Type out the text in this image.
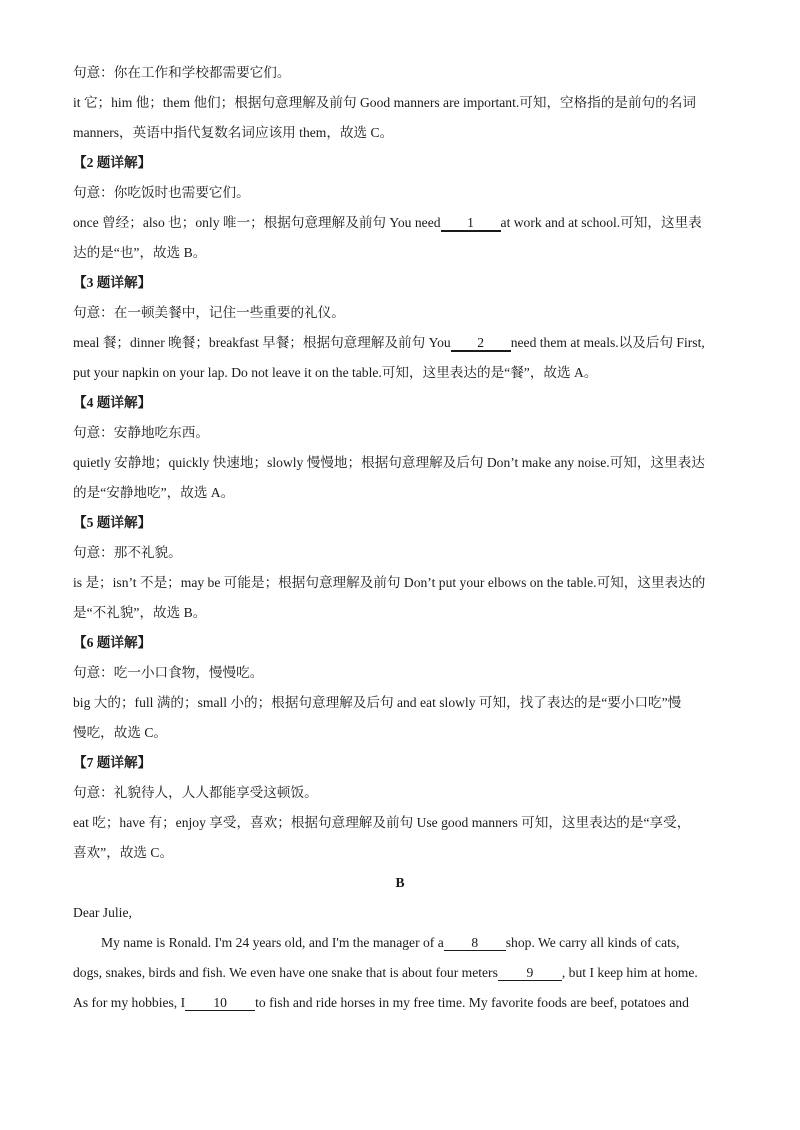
句意：你在工作和学校都需要它们。
it 它；him 他；them 他们；根据句意理解及前句 Good manners are important.可知，空格指的是前句的名词
manners，英语中指代复数名词应该用 them，故选 C。
【2 题详解】
句意：你吃饭时也需要它们。
once 曾经；also 也；only 唯一；根据句意理解及前句 You need 1 at work and at school.可知，这里表
达的是“也”，故选 B。
【3 题详解】
句意：在一顿美餐中，记住一些重要的礼仪。
meal 餐；dinner 晚餐；breakfast 早餐；根据句意理解及前句 You 2 need them at meals.以及后句 First,
put your napkin on your lap. Do not leave it on the table.可知，这里表达的是“餐”，故选 A。
【4 题详解】
句意：安静地吃东西。
quietly 安静地；quickly 快速地；slowly 慢慢地；根据句意理解及后句 Don’t make any noise.可知，这里表达
的是“安静地吃”，故选 A。
【5 题详解】
句意：那不礼貌。
is 是；isn’t 不是；may be 可能是；根据句意理解及前句 Don’t put your elbows on the table.可知，这里表达的
是“不礼貌”，故选 B。
【6 题详解】
句意：吃一小口食物，慢慢吃。
big 大的；full 满的；small 小的；根据句意理解及后句 and eat slowly 可知，找了表达的是“要小口吃”慢
慢吃，故选 C。
【7 题详解】
句意：礼貌待人，人人都能享受这顿饭。
eat 吃；have 有；enjoy 享受，喜欢；根据句意理解及前句 Use good manners 可知，这里表达的是“享受，
喜欢”，故选 C。
B
Dear Julie,
My name is Ronald. I'm 24 years old, and I'm the manager of a 8 shop. We carry all kinds of cats,
dogs, snakes, birds and fish. We even have one snake that is about four meters 9 , but I keep him at home.
As for my hobbies, I 10 to fish and ride horses in my free time. My favorite foods are beef, potatoes and
